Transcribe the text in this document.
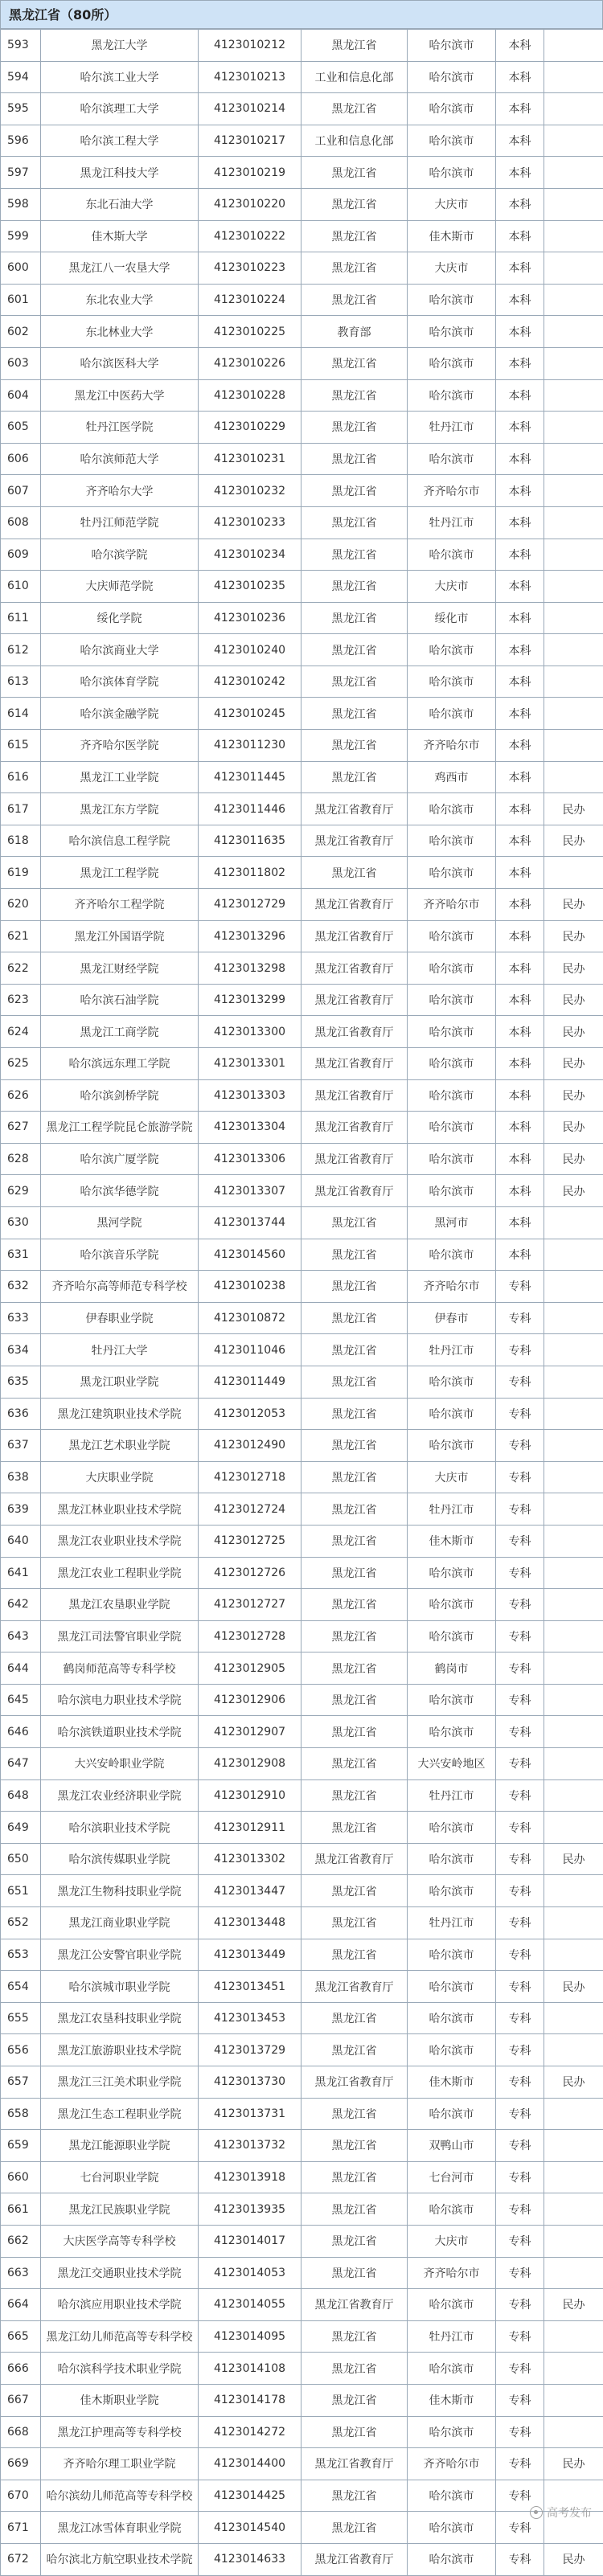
黑龙江省（80所）
593	黑龙江大学	4123010212	黑龙江省	哈尔滨市	本科	
594	哈尔滨工业大学	4123010213	工业和信息化部	哈尔滨市	本科	
595	哈尔滨理工大学	4123010214	黑龙江省	哈尔滨市	本科	
596	哈尔滨工程大学	4123010217	工业和信息化部	哈尔滨市	本科	
597	黑龙江科技大学	4123010219	黑龙江省	哈尔滨市	本科	
598	东北石油大学	4123010220	黑龙江省	大庆市	本科	
599	佳木斯大学	4123010222	黑龙江省	佳木斯市	本科	
600	黑龙江八一农垦大学	4123010223	黑龙江省	大庆市	本科	
601	东北农业大学	4123010224	黑龙江省	哈尔滨市	本科	
602	东北林业大学	4123010225	教育部	哈尔滨市	本科	
603	哈尔滨医科大学	4123010226	黑龙江省	哈尔滨市	本科	
604	黑龙江中医药大学	4123010228	黑龙江省	哈尔滨市	本科	
605	牡丹江医学院	4123010229	黑龙江省	牡丹江市	本科	
606	哈尔滨师范大学	4123010231	黑龙江省	哈尔滨市	本科	
607	齐齐哈尔大学	4123010232	黑龙江省	齐齐哈尔市	本科	
608	牡丹江师范学院	4123010233	黑龙江省	牡丹江市	本科	
609	哈尔滨学院	4123010234	黑龙江省	哈尔滨市	本科	
610	大庆师范学院	4123010235	黑龙江省	大庆市	本科	
611	绥化学院	4123010236	黑龙江省	绥化市	本科	
612	哈尔滨商业大学	4123010240	黑龙江省	哈尔滨市	本科	
613	哈尔滨体育学院	4123010242	黑龙江省	哈尔滨市	本科	
614	哈尔滨金融学院	4123010245	黑龙江省	哈尔滨市	本科	
615	齐齐哈尔医学院	4123011230	黑龙江省	齐齐哈尔市	本科	
616	黑龙江工业学院	4123011445	黑龙江省	鸡西市	本科	
617	黑龙江东方学院	4123011446	黑龙江省教育厅	哈尔滨市	本科	民办
618	哈尔滨信息工程学院	4123011635	黑龙江省教育厅	哈尔滨市	本科	民办
619	黑龙江工程学院	4123011802	黑龙江省	哈尔滨市	本科	
620	齐齐哈尔工程学院	4123012729	黑龙江省教育厅	齐齐哈尔市	本科	民办
621	黑龙江外国语学院	4123013296	黑龙江省教育厅	哈尔滨市	本科	民办
622	黑龙江财经学院	4123013298	黑龙江省教育厅	哈尔滨市	本科	民办
623	哈尔滨石油学院	4123013299	黑龙江省教育厅	哈尔滨市	本科	民办
624	黑龙江工商学院	4123013300	黑龙江省教育厅	哈尔滨市	本科	民办
625	哈尔滨远东理工学院	4123013301	黑龙江省教育厅	哈尔滨市	本科	民办
626	哈尔滨剑桥学院	4123013303	黑龙江省教育厅	哈尔滨市	本科	民办
627	黑龙江工程学院昆仑旅游学院	4123013304	黑龙江省教育厅	哈尔滨市	本科	民办
628	哈尔滨广厦学院	4123013306	黑龙江省教育厅	哈尔滨市	本科	民办
629	哈尔滨华德学院	4123013307	黑龙江省教育厅	哈尔滨市	本科	民办
630	黑河学院	4123013744	黑龙江省	黑河市	本科	
631	哈尔滨音乐学院	4123014560	黑龙江省	哈尔滨市	本科	
632	齐齐哈尔高等师范专科学校	4123010238	黑龙江省	齐齐哈尔市	专科	
633	伊春职业学院	4123010872	黑龙江省	伊春市	专科	
634	牡丹江大学	4123011046	黑龙江省	牡丹江市	专科	
635	黑龙江职业学院	4123011449	黑龙江省	哈尔滨市	专科	
636	黑龙江建筑职业技术学院	4123012053	黑龙江省	哈尔滨市	专科	
637	黑龙江艺术职业学院	4123012490	黑龙江省	哈尔滨市	专科	
638	大庆职业学院	4123012718	黑龙江省	大庆市	专科	
639	黑龙江林业职业技术学院	4123012724	黑龙江省	牡丹江市	专科	
640	黑龙江农业职业技术学院	4123012725	黑龙江省	佳木斯市	专科	
641	黑龙江农业工程职业学院	4123012726	黑龙江省	哈尔滨市	专科	
642	黑龙江农垦职业学院	4123012727	黑龙江省	哈尔滨市	专科	
643	黑龙江司法警官职业学院	4123012728	黑龙江省	哈尔滨市	专科	
644	鹤岗师范高等专科学校	4123012905	黑龙江省	鹤岗市	专科	
645	哈尔滨电力职业技术学院	4123012906	黑龙江省	哈尔滨市	专科	
646	哈尔滨铁道职业技术学院	4123012907	黑龙江省	哈尔滨市	专科	
647	大兴安岭职业学院	4123012908	黑龙江省	大兴安岭地区	专科	
648	黑龙江农业经济职业学院	4123012910	黑龙江省	牡丹江市	专科	
649	哈尔滨职业技术学院	4123012911	黑龙江省	哈尔滨市	专科	
650	哈尔滨传媒职业学院	4123013302	黑龙江省教育厅	哈尔滨市	专科	民办
651	黑龙江生物科技职业学院	4123013447	黑龙江省	哈尔滨市	专科	
652	黑龙江商业职业学院	4123013448	黑龙江省	牡丹江市	专科	
653	黑龙江公安警官职业学院	4123013449	黑龙江省	哈尔滨市	专科	
654	哈尔滨城市职业学院	4123013451	黑龙江省教育厅	哈尔滨市	专科	民办
655	黑龙江农垦科技职业学院	4123013453	黑龙江省	哈尔滨市	专科	
656	黑龙江旅游职业技术学院	4123013729	黑龙江省	哈尔滨市	专科	
657	黑龙江三江美术职业学院	4123013730	黑龙江省教育厅	佳木斯市	专科	民办
658	黑龙江生态工程职业学院	4123013731	黑龙江省	哈尔滨市	专科	
659	黑龙江能源职业学院	4123013732	黑龙江省	双鸭山市	专科	
660	七台河职业学院	4123013918	黑龙江省	七台河市	专科	
661	黑龙江民族职业学院	4123013935	黑龙江省	哈尔滨市	专科	
662	大庆医学高等专科学校	4123014017	黑龙江省	大庆市	专科	
663	黑龙江交通职业技术学院	4123014053	黑龙江省	齐齐哈尔市	专科	
664	哈尔滨应用职业技术学院	4123014055	黑龙江省教育厅	哈尔滨市	专科	民办
665	黑龙江幼儿师范高等专科学校	4123014095	黑龙江省	牡丹江市	专科	
666	哈尔滨科学技术职业学院	4123014108	黑龙江省	哈尔滨市	专科	
667	佳木斯职业学院	4123014178	黑龙江省	佳木斯市	专科	
668	黑龙江护理高等专科学校	4123014272	黑龙江省	哈尔滨市	专科	
669	齐齐哈尔理工职业学院	4123014400	黑龙江省教育厅	齐齐哈尔市	专科	民办
670	哈尔滨幼儿师范高等专科学校	4123014425	黑龙江省	哈尔滨市	专科	
671	黑龙江冰雪体育职业学院	4123014540	黑龙江省	哈尔滨市	专科	
672	哈尔滨北方航空职业技术学院	4123014633	黑龙江省教育厅	哈尔滨市	专科	民办
高考发布
